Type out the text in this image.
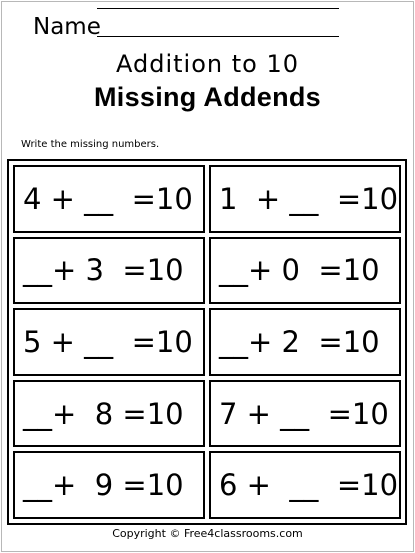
Name
Addition to 10
Missing Addends
Write the missing numbers.
4 + __  =10 1  + __  =10
__+ 3  =10	__+ 0  =10
5 + __  =10 __+ 2  =10
__+  8 =10	7 + __  =10
__+  9 =10	6 +  __  =10
Copyright © Free4classrooms.com
